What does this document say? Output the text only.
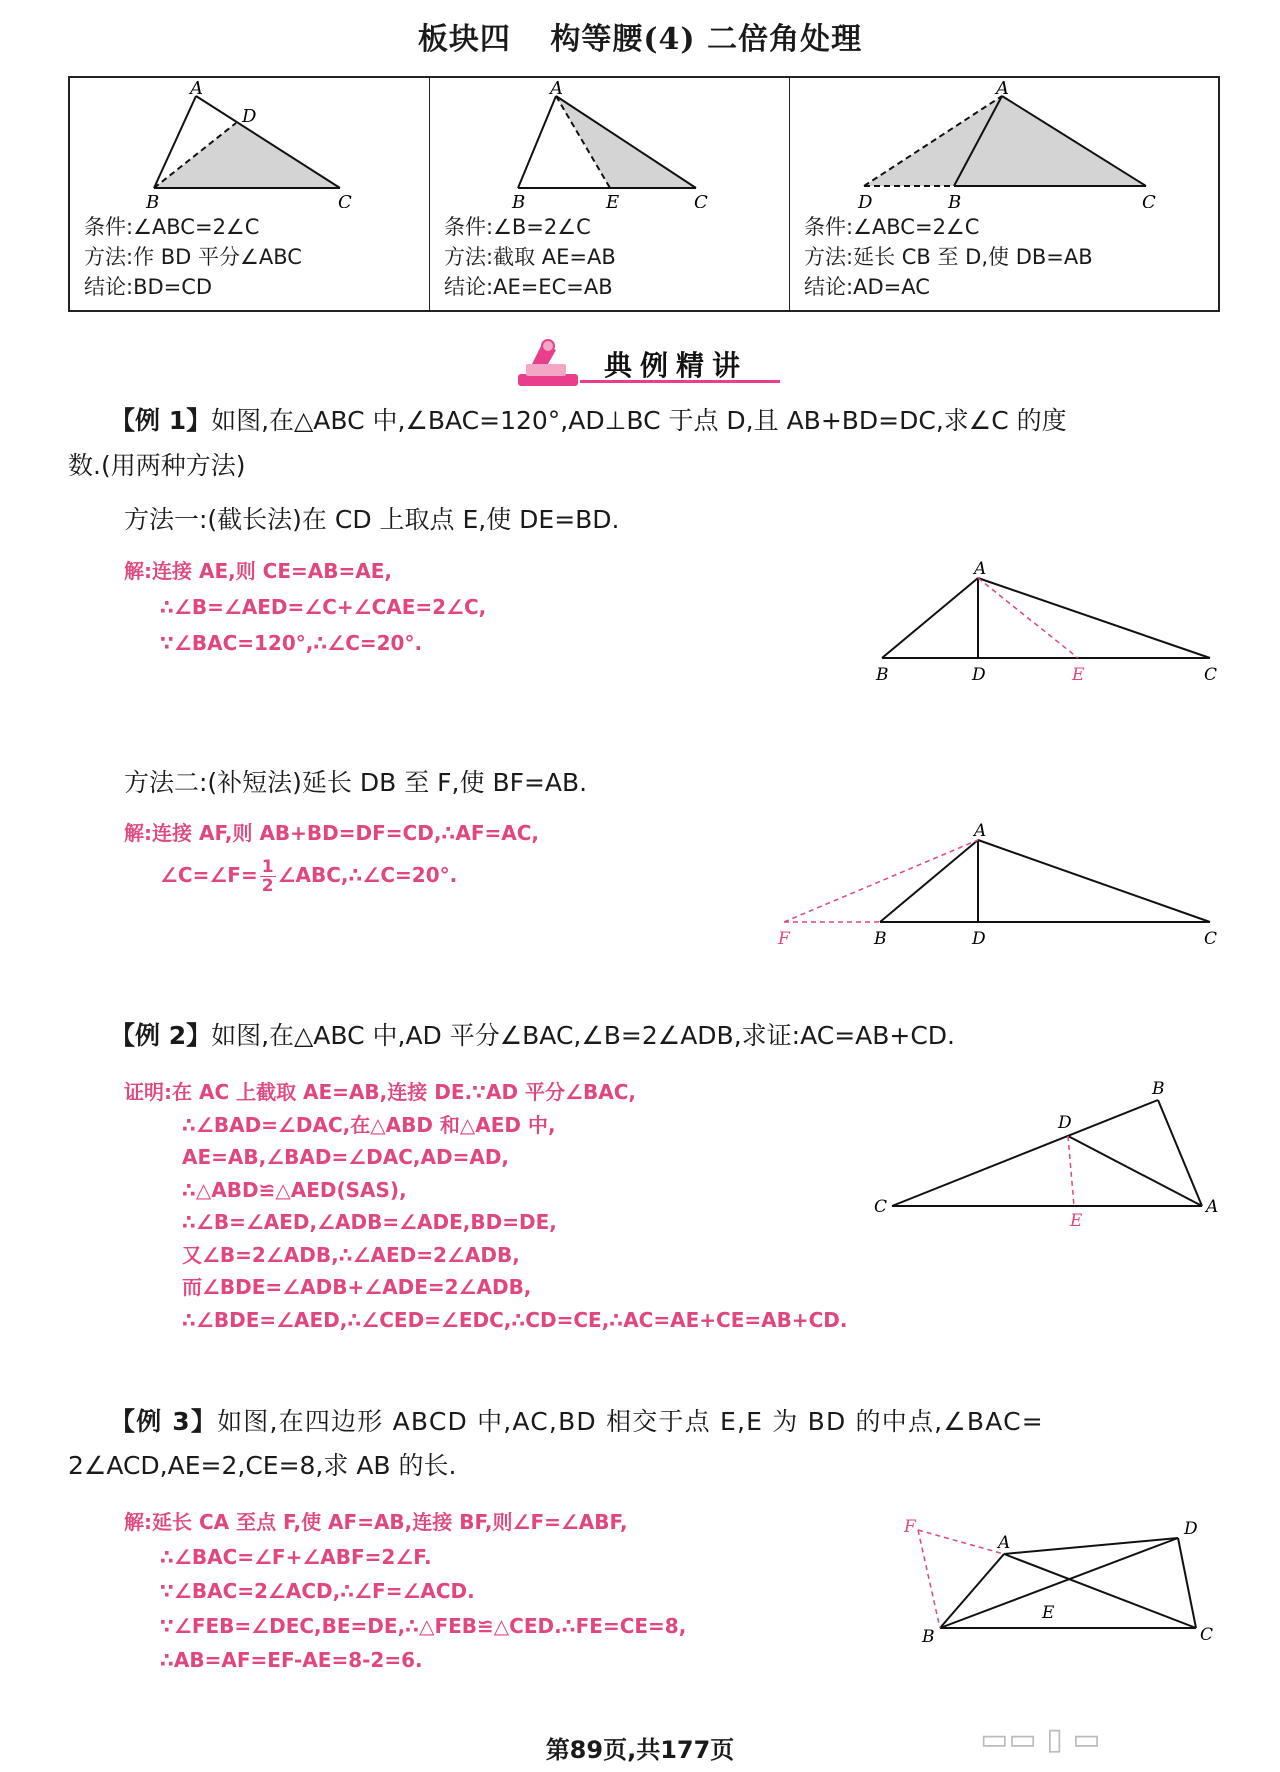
板块四 构等腰(4) 二倍角处理
A
D
B	C
条件:∠ABC=2∠C
方法:作 BD 平分∠ABC
结论:BD=CD
A
B	E	C
条件:∠B=2∠C
方法:截取 AE=AB
结论:AE=EC=AB
A
D	B	C
条件:∠ABC=2∠C
方法:延长 CB 至 D,使 DB=AB
结论:AD=AC
典例精讲
【例 1】如图,在△ABC 中,∠BAC=120°,AD⊥BC 于点 D,且 AB+BD=DC,求∠C 的度
数.(用两种方法)
方法一:(截长法)在 CD 上取点 E,使 DE=BD.
解:连接 AE,则 CE=AB=AE,
∴∠B=∠AED=∠C+∠CAE=2∠C,
∵∠BAC=120°,∴∠C=20°.
A
B	D	E	C
方法二:(补短法)延长 DB 至 F,使 BF=AB.
解:连接 AF,则 AB+BD=DF=CD,∴AF=AC,
∠C=∠F= $\frac{1}{2}$ ∠ABC,∴∠C=20°.
A
F	B	D	C
【例 2】如图,在△ABC 中,AD 平分∠BAC,∠B=2∠ADB,求证:AC=AB+CD.
证明:在 AC 上截取 AE=AB,连接 DE.∵AD 平分∠BAC,
∴∠BAD=∠DAC,在△ABD 和△AED 中,
AE=AB,∠BAD=∠DAC,AD=AD,
∴△ABD≌△AED(SAS),
∴∠B=∠AED,∠ADB=∠ADE,BD=DE,
又∠B=2∠ADB,∴∠AED=2∠ADB,
而∠BDE=∠ADB+∠ADE=2∠ADB,
∴∠BDE=∠AED,∴∠CED=∠EDC,∴CD=CE,∴AC=AE+CE=AB+CD.
B
D
C
E
A
【例 3】如图,在四边形 ABCD 中,AC,BD 相交于点 E,E 为 BD 的中点,∠BAC=
2∠ACD,AE=2,CE=8,求 AB 的长.
解:延长 CA 至点 F,使 AF=AB,连接 BF,则∠F=∠ABF,
∴∠BAC=∠F+∠ABF=2∠F.
∵∠BAC=2∠ACD,∴∠F=∠ACD.
∵∠FEB=∠DEC,BE=DE,∴△FEB≌△CED.∴FE=CE=8,
∴AB=AF=EF-AE=8-2=6.
F
A
D
E
B	C
▭▭ ▯ ▭
第89页,共177页
